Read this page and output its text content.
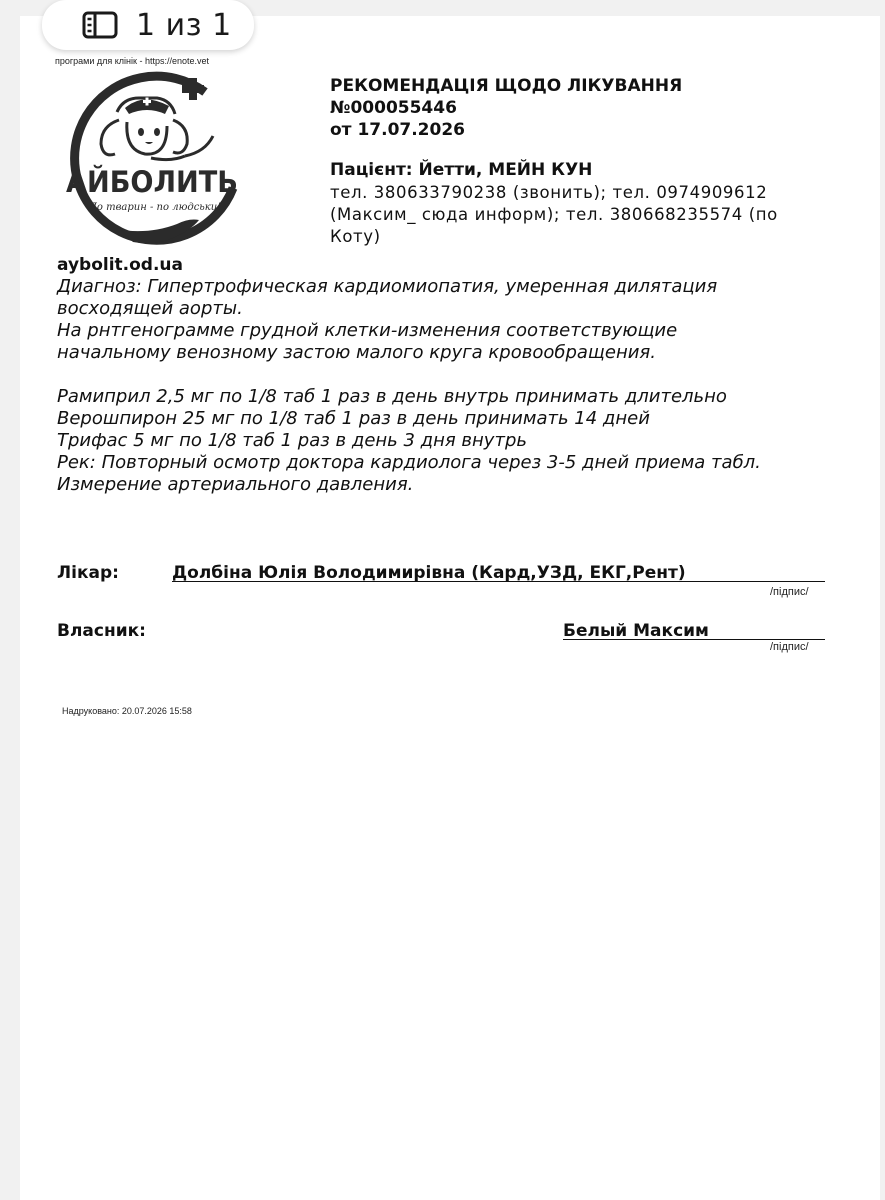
1 из 1
програми для клінік - https://enote.vet
АЙБОЛИТЬ
До тварин - по людськи!
aybolit.od.ua
РЕКОМЕНДАЦІЯ ЩОДО ЛІКУВАННЯ
№000055446
от 17.07.2026
Пацієнт: Йетти, МЕЙН КУН
тел. 380633790238 (звонить); тел. 0974909612 (Максим_ сюда информ); тел. 380668235574 (по Коту)
Диагноз: Гипертрофическая кардиомиопатия, умеренная дилятация
восходящей аорты.
На рнтгенограмме грудной клетки-изменения соответствующие
начальному венозному застою малого круга кровообращения.
Рамиприл 2,5 мг по 1/8 таб 1 раз в день внутрь принимать длительно
Верошпирон 25 мг по 1/8 таб 1 раз в день принимать 14 дней
Трифас 5 мг по 1/8 таб 1 раз в день 3 дня внутрь
Рек: Повторный осмотр доктора кардиолога через 3-5 дней приема табл.
Измерение артериального давления.
Лікар:	Долбіна Юлія Володимирівна (Кард,УЗД, ЕКГ,Рент)
/підпис/
Власник:	Белый Максим
/підпис/
Надруковано: 20.07.2026 15:58
